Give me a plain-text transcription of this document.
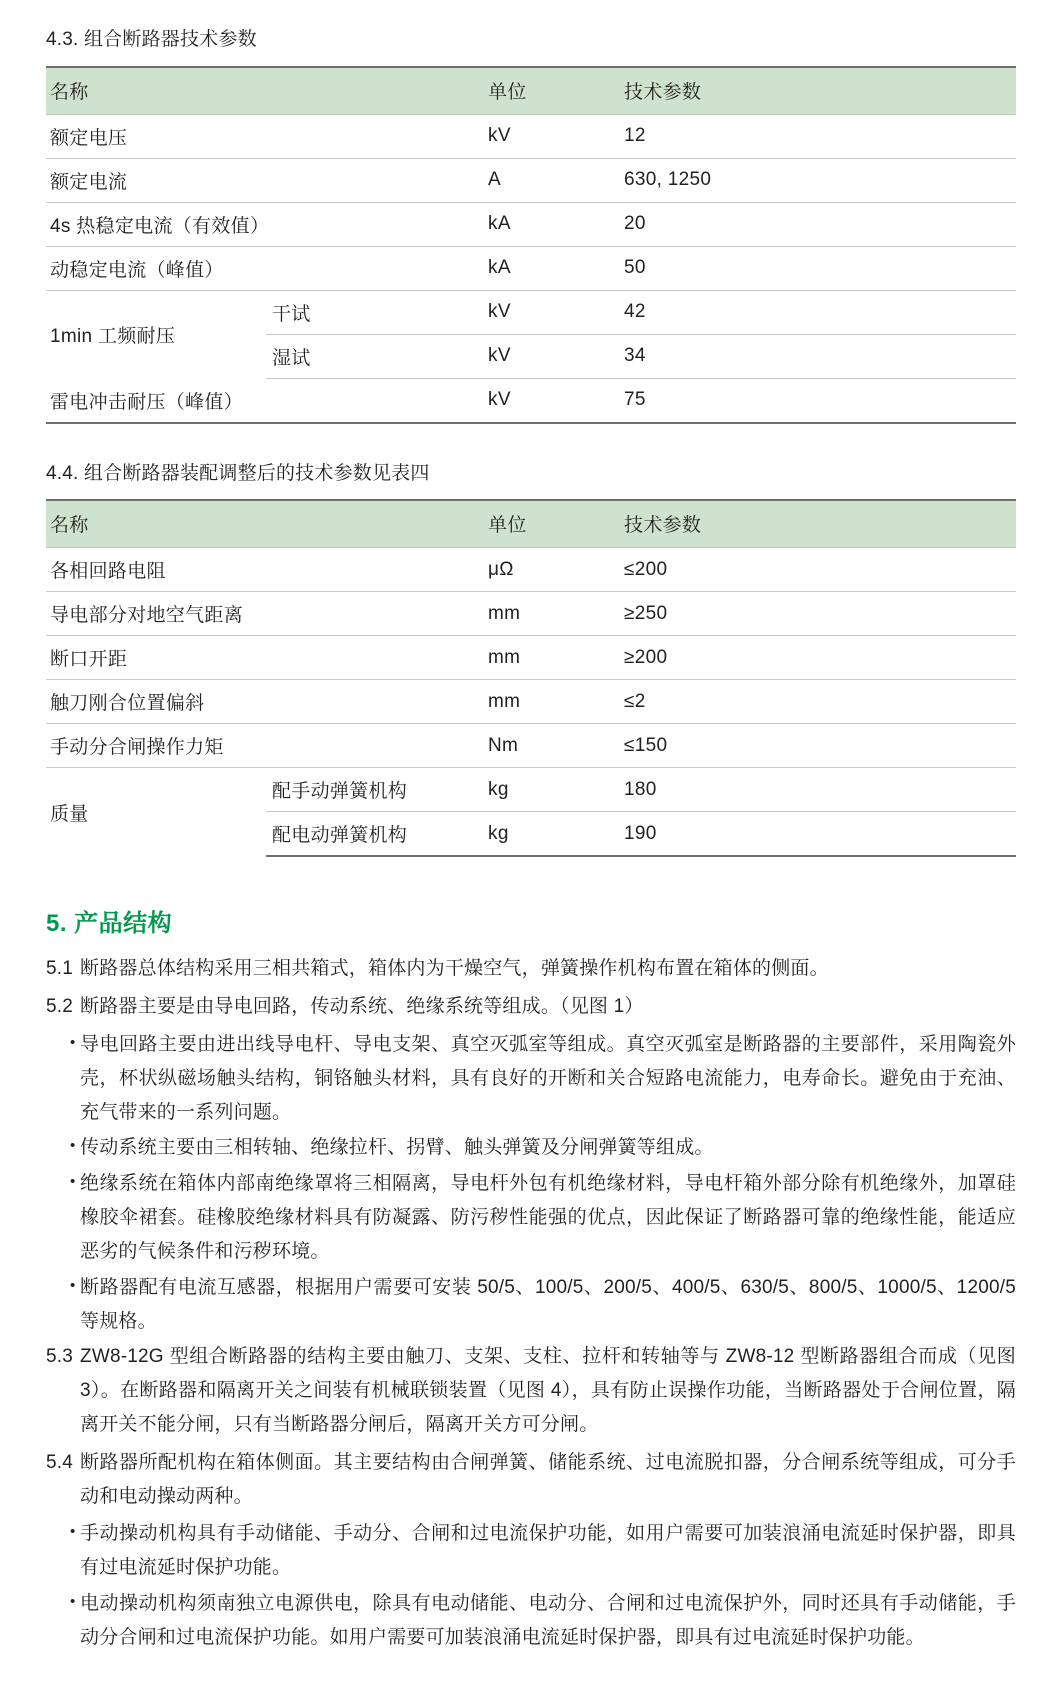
4.3. 组合断路器技术参数
名称		单位	技术参数
额定电压		kV	12
额定电流		A	630, 1250
4s 热稳定电流（有效值）		kA	20
动稳定电流（峰值）		kA	50
1min 工频耐压	干试	kV	42
	湿试	kV	34
雷电冲击耐压（峰值）		kV	75
4.4. 组合断路器装配调整后的技术参数见表四
名称		单位	技术参数
各相回路电阻		μΩ	≤200
导电部分对地空气距离		mm	≥250
断口开距		mm	≥200
触刀刚合位置偏斜		mm	≤2
手动分合闸操作力矩		Nm	≤150
质量	配手动弹簧机构	kg	180
	配电动弹簧机构	kg	190
5. 产品结构
5.1 断路器总体结构采用三相共箱式，箱体内为干燥空气，弹簧操作机构布置在箱体的侧面。
5.2 断路器主要是由导电回路，传动系统、绝缘系统等组成。（见图 1）
• 导电回路主要由进出线导电杆、导电支架、真空灭弧室等组成。真空灭弧室是断路器的主要部件，采用陶瓷外壳，杯状纵磁场触头结构，铜铬触头材料，具有良好的开断和关合短路电流能力，电寿命长。避免由于充油、充气带来的一系列问题。
• 传动系统主要由三相转轴、绝缘拉杆、拐臂、触头弹簧及分闸弹簧等组成。
• 绝缘系统在箱体内部南绝缘罩将三相隔离，导电杆外包有机绝缘材料，导电杆箱外部分除有机绝缘外，加罩硅橡胶伞裙套。硅橡胶绝缘材料具有防凝露、防污秽性能强的优点，因此保证了断路器可靠的绝缘性能，能适应恶劣的气候条件和污秽环境。
• 断路器配有电流互感器，根据用户需要可安装 50/5、100/5、200/5、400/5、630/5、800/5、1000/5、1200/5 等规格。
5.3 ZW8-12G 型组合断路器的结构主要由触刀、支架、支柱、拉杆和转轴等与 ZW8-12 型断路器组合而成（见图 3）。在断路器和隔离开关之间装有机械联锁装置（见图 4），具有防止误操作功能，当断路器处于合闸位置，隔离开关不能分闸，只有当断路器分闸后，隔离开关方可分闸。
5.4 断路器所配机构在箱体侧面。其主要结构由合闸弹簧、储能系统、过电流脱扣器，分合闸系统等组成，可分手动和电动操动两种。
• 手动操动机构具有手动储能、手动分、合闸和过电流保护功能，如用户需要可加装浪涌电流延时保护器，即具有过电流延时保护功能。
• 电动操动机构须南独立电源供电，除具有电动储能、电动分、合闸和过电流保护外，同时还具有手动储能，手动分合闸和过电流保护功能。如用户需要可加装浪涌电流延时保护器，即具有过电流延时保护功能。
